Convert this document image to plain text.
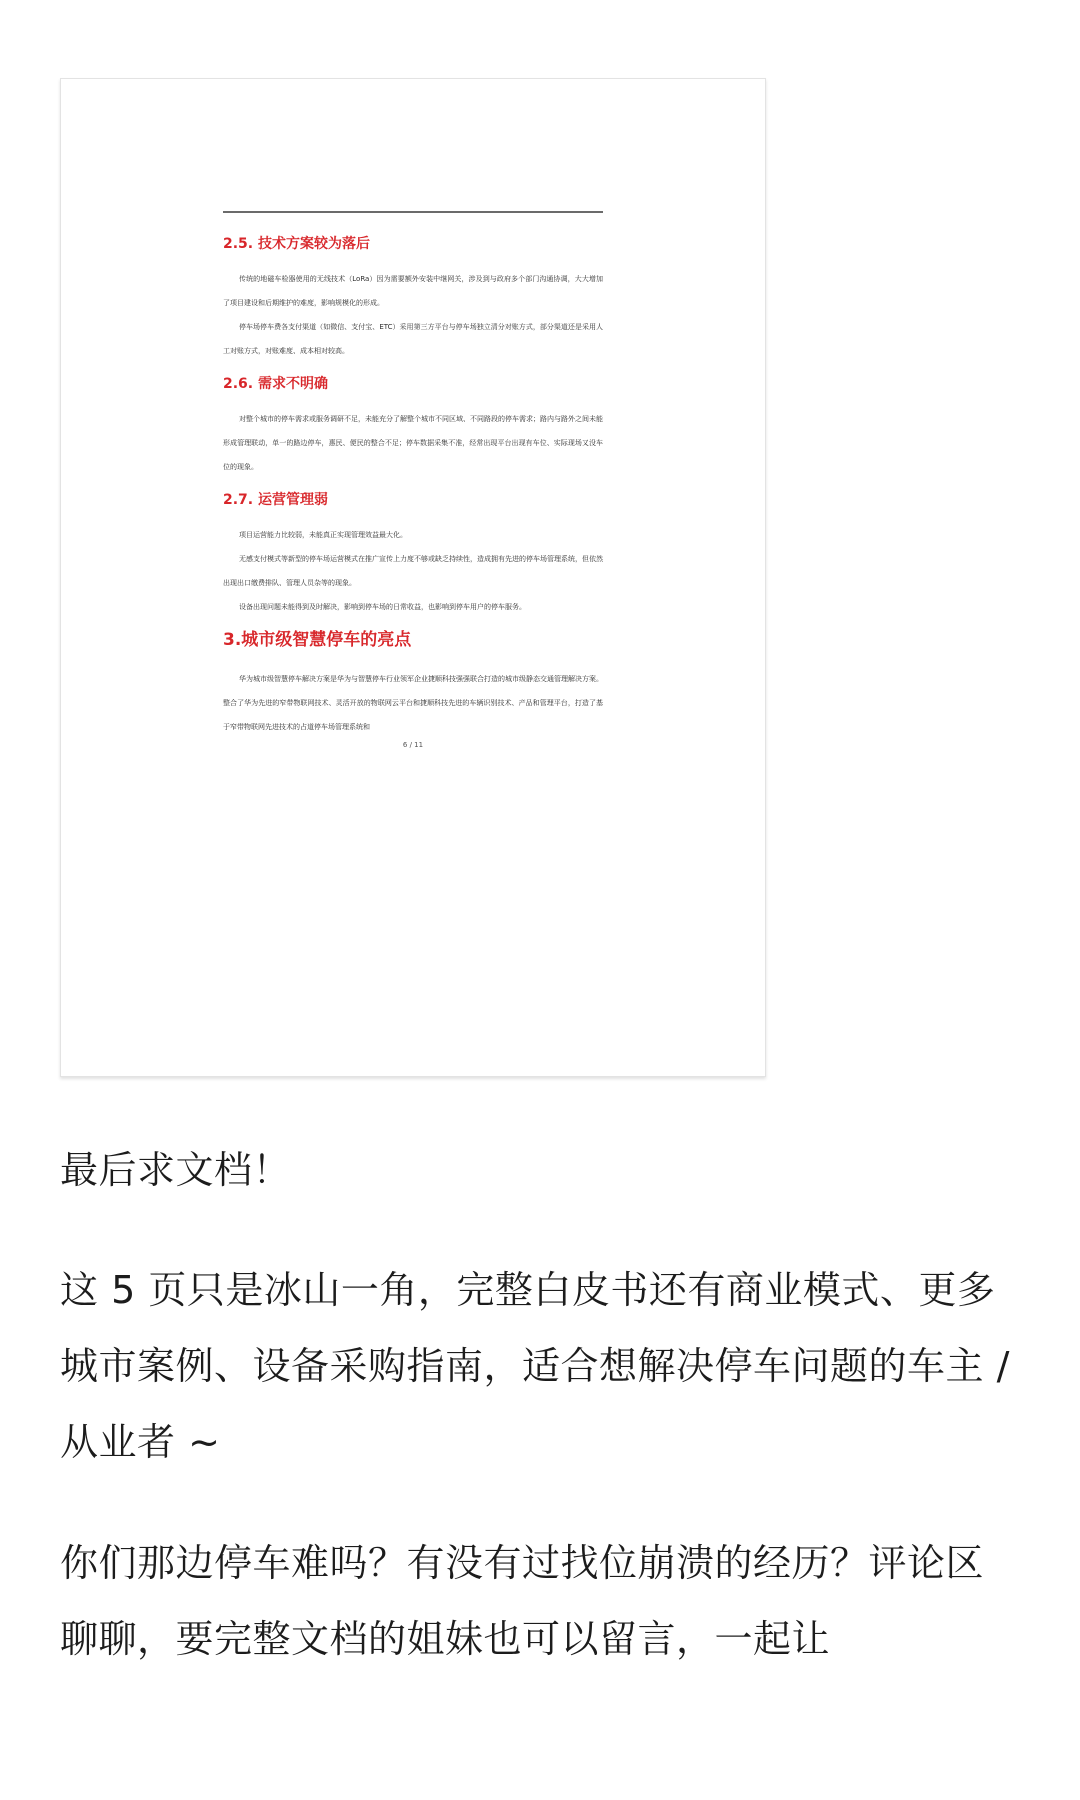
2.5. 技术方案较为落后

传统的地磁车检器使用的无线技术（LoRa）因为需要额外安装中继网关，涉及到与政府多个部门沟通协调，大大增加了项目建设和后期维护的难度，影响规模化的形成。

停车场停车费各支付渠道（如微信、支付宝、ETC）采用第三方平台与停车场独立清分对账方式，部分渠道还是采用人工对账方式，对账难度、成本相对较高。

2.6. 需求不明确

对整个城市的停车需求或服务调研不足，未能充分了解整个城市不同区域、不同路段的停车需求；路内与路外之间未能形成管理联动，单一的路边停车，惠民、便民的整合不足；停车数据采集不准，经常出现平台出现有车位、实际现场又没车位的现象。

2.7. 运营管理弱

项目运营能力比较弱，未能真正实现管理效益最大化。

无感支付模式等新型的停车场运营模式在推广宣传上力度不够或缺乏持续性，造成拥有先进的停车场管理系统，但依然出现出口缴费排队、管理人员杂等的现象。

设备出现问题未能得到及时解决，影响到停车场的日常收益，也影响到停车用户的停车服务。

3.城市级智慧停车的亮点

华为城市级智慧停车解决方案是华为与智慧停车行业领军企业捷顺科技强强联合打造的城市级静态交通管理解决方案。整合了华为先进的窄带物联网技术、灵活开放的物联网云平台和捷顺科技先进的车辆识别技术、产品和管理平台，打造了基于窄带物联网先进技术的占道停车场管理系统和

6 / 11

最后求文档！

这 5 页只是冰山一角，完整白皮书还有商业模式、更多城市案例、设备采购指南，适合想解决停车问题的车主 / 从业者 ~

你们那边停车难吗？有没有过找位崩溃的经历？评论区聊聊，要完整文档的姐妹也可以留言，一起让
